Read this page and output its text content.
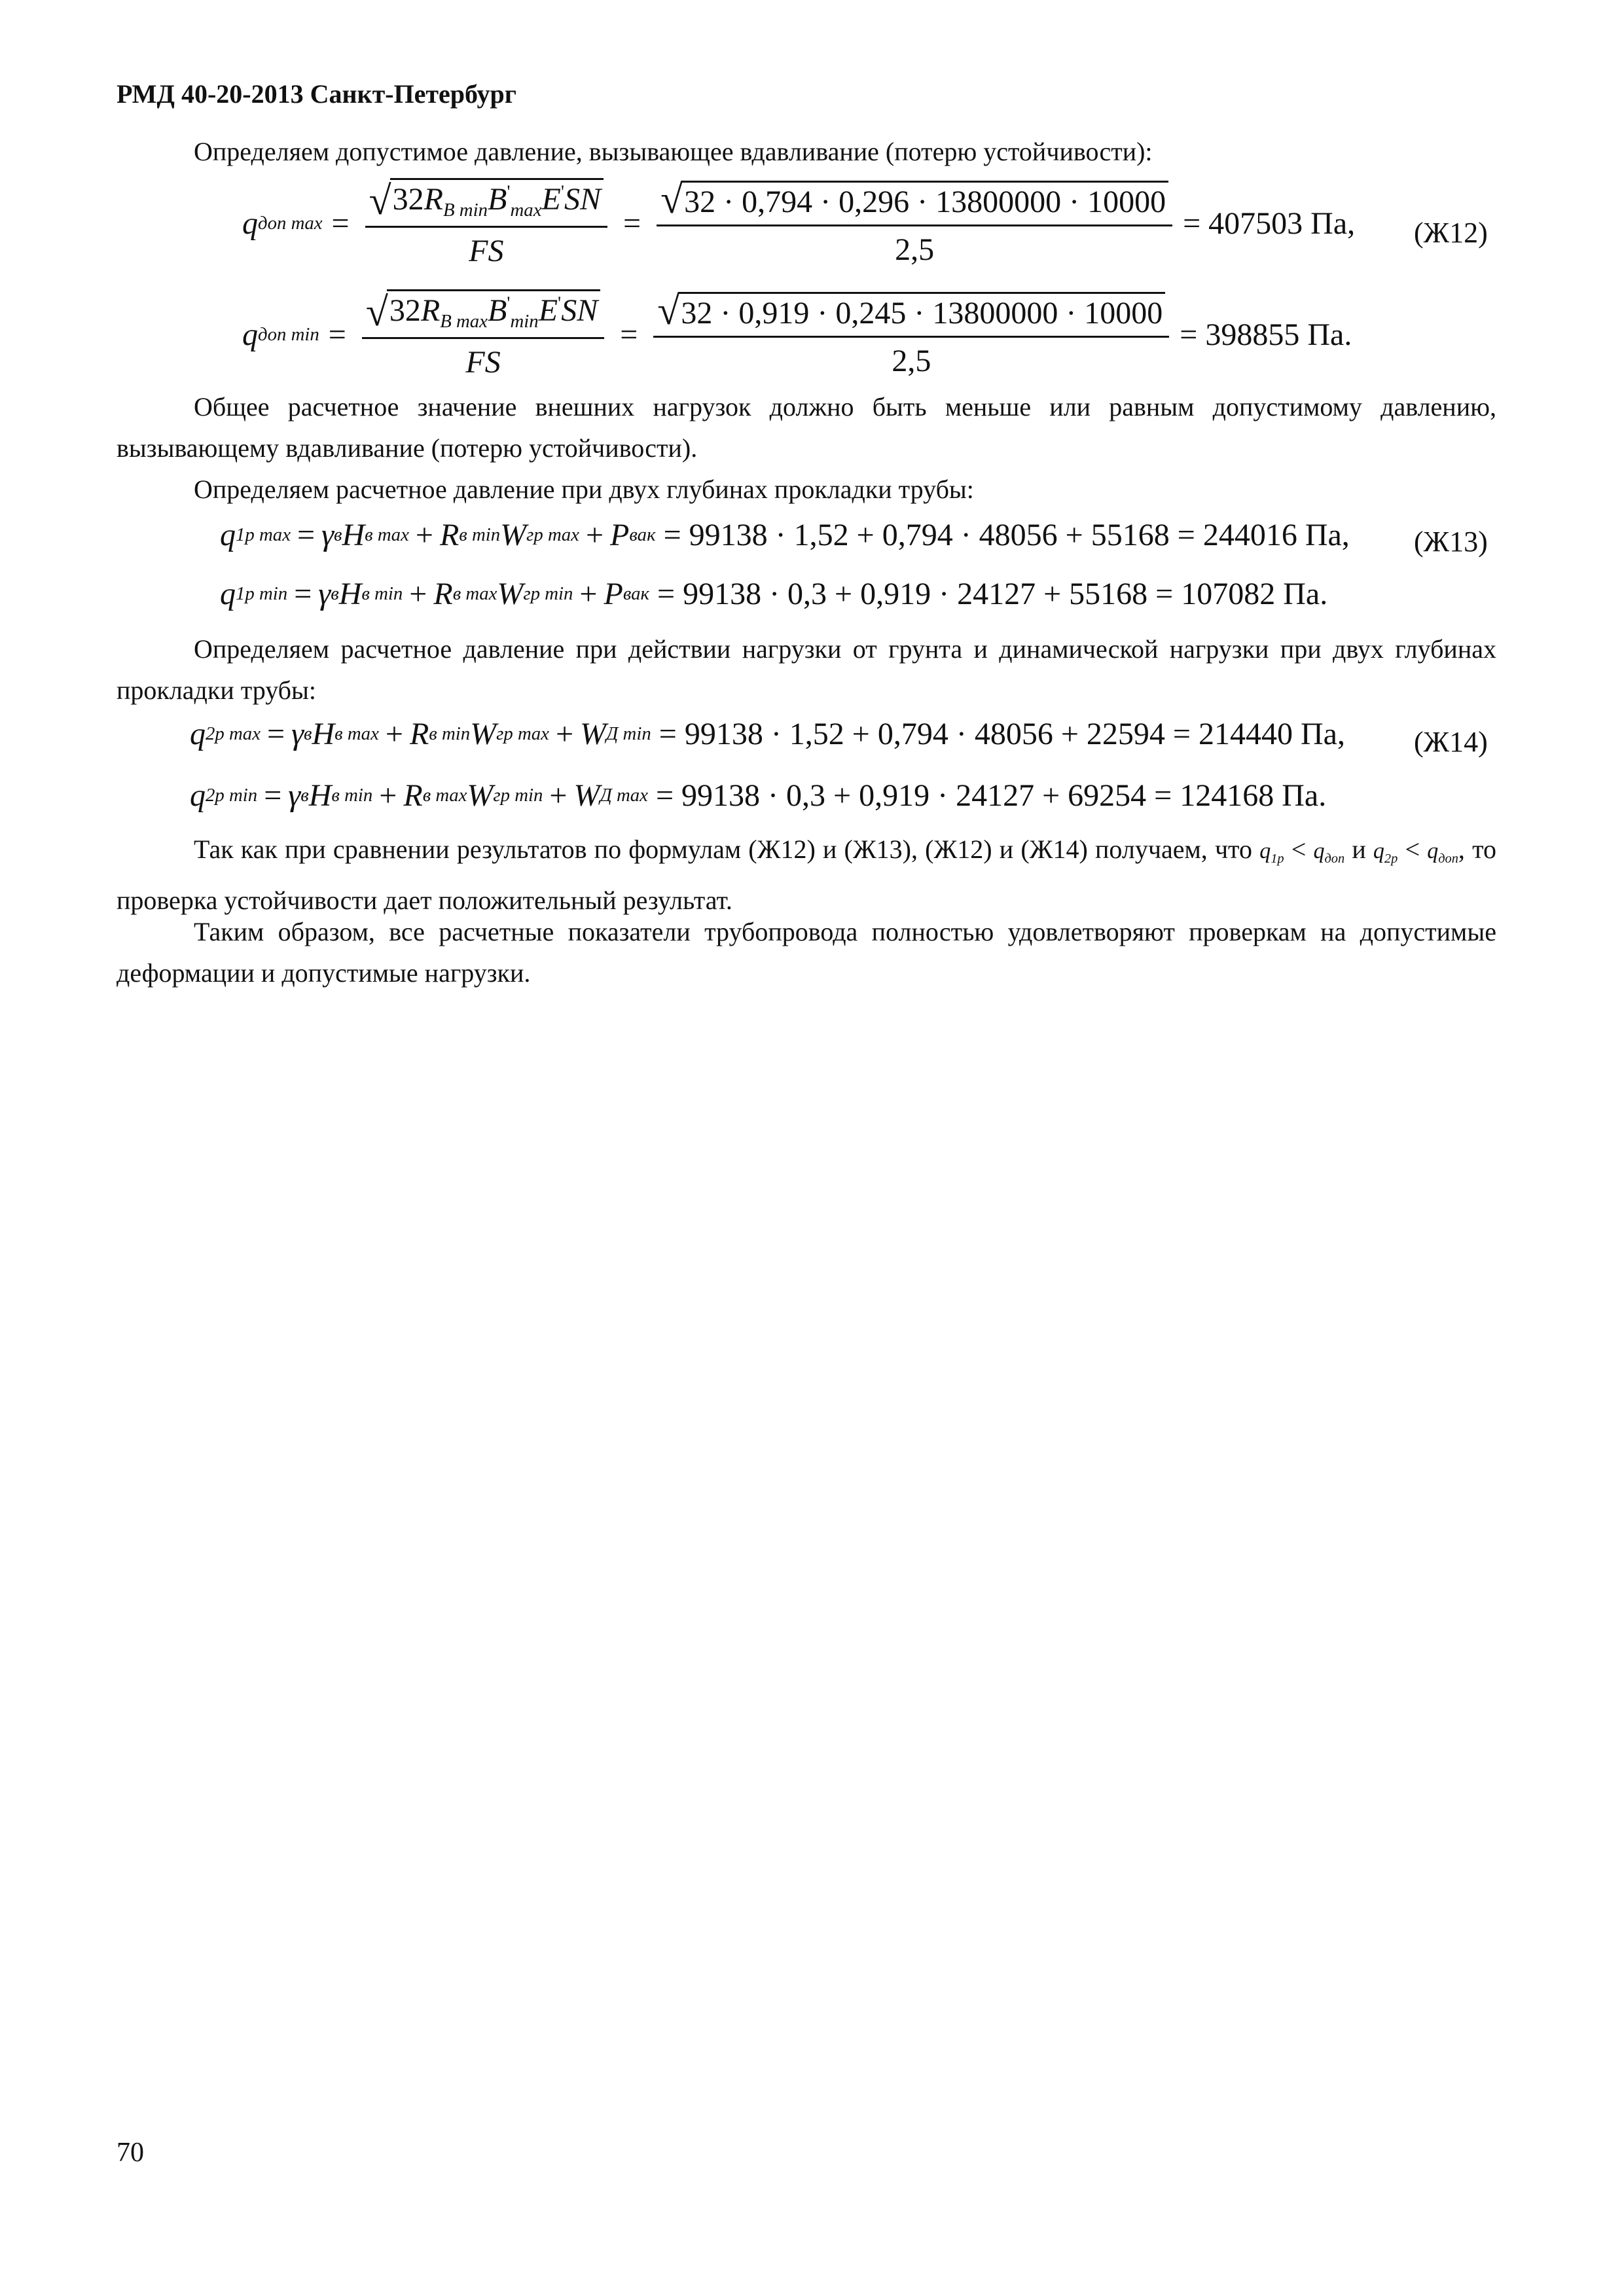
РМД 40-20-2013 Санкт-Петербург
Определяем допустимое давление, вызывающее вдавливание (потерю устойчивости):
q доп $\max = \frac{√ 32R_{B min}B'_{max}E'SN}{FS} = \frac{√ 32 \cdot 0,794 \cdot 0,296 \cdot 13800000 \cdot 10000}{2,5} = 407503$ Па, (Ж12)
q доп $\min = \frac{√ 32R_{B max}B'_{min}E'SN}{FS} = \frac{√ 32 \cdot 0,919 \cdot 0,245 \cdot 13800000 \cdot 10000}{2,5} = 398855$ Па.
Общее расчетное значение внешних нагрузок должно быть меньше или равным допустимому давлению, вызывающему вдавливание (потерю устойчивости).
Определяем расчетное давление при двух глубинах прокладки трубы:
q 1p max = γ в H в max + R в min W гр max + P вак = 99138 · 1,52 + 0,794 · 48056 + 55168 = 244016 Па, (Ж13)
q 1p min = γ в H в min + R в max W гр min + P вак = 99138 · 0,3 + 0,919 · 24127 + 55168 = 107082 Па.
Определяем расчетное давление при действии нагрузки от грунта и динамической нагрузки при двух глубинах прокладки трубы:
q 2p max = γ в H в max + R в min W гр max + W Д min = 99138 · 1,52 + 0,794 · 48056 + 22594 = 214440 Па, (Ж14)
q 2p min = γ в H в min + R в max W гр min + W Д max = 99138 · 0,3 + 0,919 · 24127 + 69254 = 124168 Па.
Так как при сравнении результатов по формулам (Ж12) и (Ж13), (Ж12) и (Ж14) получаем, что $q_{1p} < q_{доп}$ и $q_{2p} < q_{доп}$, то проверка устойчивости дает положительный результат.
Таким образом, все расчетные показатели трубопровода полностью удовлетворяют проверкам на допустимые деформации и допустимые нагрузки.
70
